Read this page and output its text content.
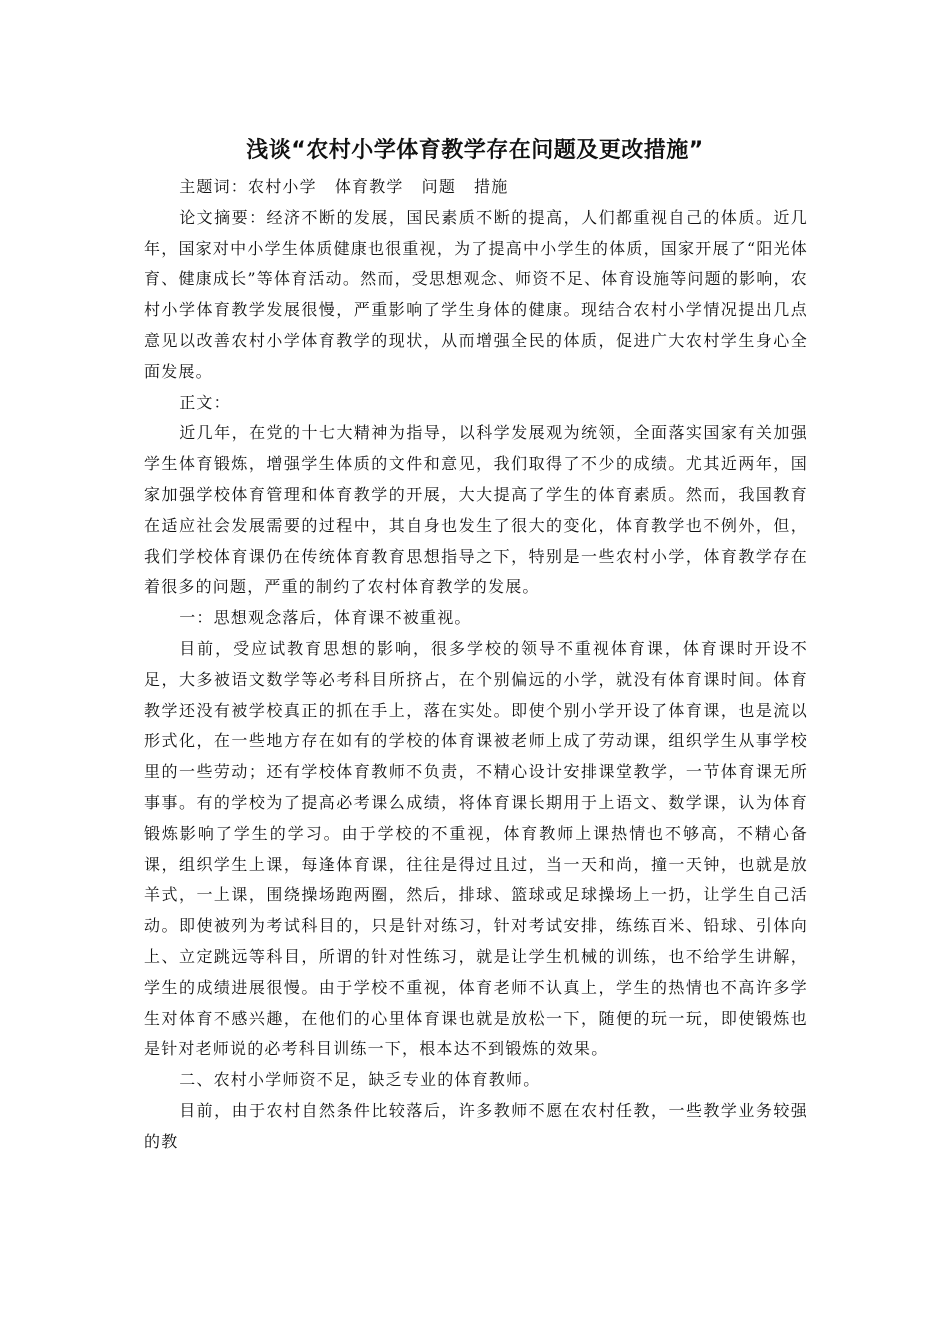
浅谈“农村小学体育教学存在问题及更改措施”

主题词：农村小学 体育教学 问题 措施

论文摘要：经济不断的发展，国民素质不断的提高，人们都重视自己的体质。近几年，国家对中小学生体质健康也很重视，为了提高中小学生的体质，国家开展了“阳光体育、健康成长”等体育活动。然而，受思想观念、师资不足、体育设施等问题的影响，农村小学体育教学发展很慢，严重影响了学生身体的健康。现结合农村小学情况提出几点意见以改善农村小学体育教学的现状，从而增强全民的体质，促进广大农村学生身心全面发展。

正文：

近几年，在党的十七大精神为指导，以科学发展观为统领，全面落实国家有关加强学生体育锻炼，增强学生体质的文件和意见，我们取得了不少的成绩。尤其近两年，国家加强学校体育管理和体育教学的开展，大大提高了学生的体育素质。然而，我国教育在适应社会发展需要的过程中，其自身也发生了很大的变化，体育教学也不例外，但，我们学校体育课仍在传统体育教育思想指导之下，特别是一些农村小学，体育教学存在着很多的问题，严重的制约了农村体育教学的发展。

一：思想观念落后，体育课不被重视。

目前，受应试教育思想的影响，很多学校的领导不重视体育课，体育课时开设不足，大多被语文数学等必考科目所挤占，在个别偏远的小学，就没有体育课时间。体育教学还没有被学校真正的抓在手上，落在实处。即使个别小学开设了体育课，也是流以形式化，在一些地方存在如有的学校的体育课被老师上成了劳动课，组织学生从事学校里的一些劳动；还有学校体育教师不负责，不精心设计安排课堂教学，一节体育课无所事事。有的学校为了提高必考课么成绩，将体育课长期用于上语文、数学课，认为体育锻炼影响了学生的学习。由于学校的不重视，体育教师上课热情也不够高，不精心备课，组织学生上课，每逢体育课，往往是得过且过，当一天和尚，撞一天钟，也就是放羊式，一上课，围绕操场跑两圈，然后，排球、篮球或足球操场上一扔，让学生自己活动。即使被列为考试科目的，只是针对练习，针对考试安排，练练百米、铅球、引体向上、立定跳远等科目，所谓的针对性练习，就是让学生机械的训练，也不给学生讲解，学生的成绩进展很慢。由于学校不重视，体育老师不认真上，学生的热情也不高许多学生对体育不感兴趣，在他们的心里体育课也就是放松一下，随便的玩一玩，即使锻炼也是针对老师说的必考科目训练一下，根本达不到锻炼的效果。

二、农村小学师资不足，缺乏专业的体育教师。

目前，由于农村自然条件比较落后，许多教师不愿在农村任教，一些教学业务较强的教
